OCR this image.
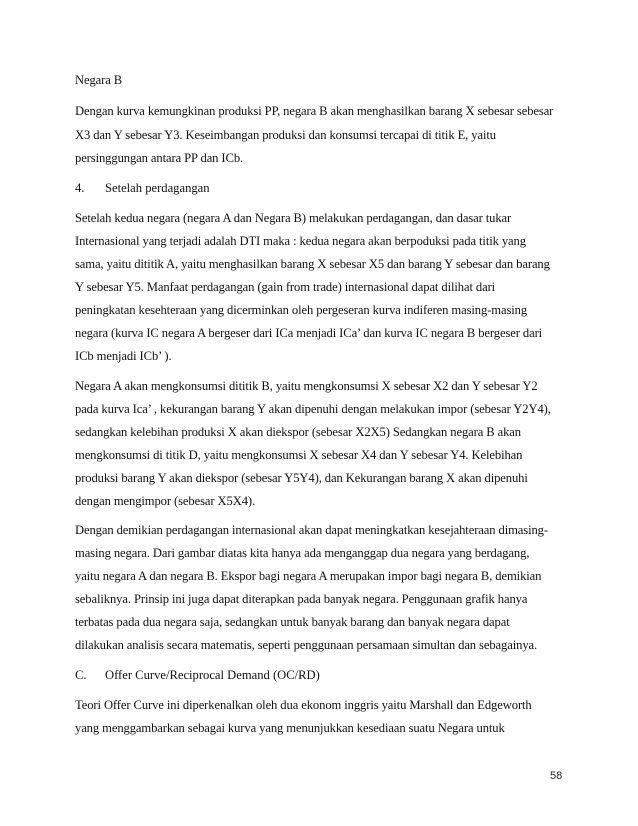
Negara B
Dengan kurva kemungkinan produksi PP, negara B akan menghasilkan barang X sebesar sebesar
X3 dan Y sebesar Y3. Keseimbangan produksi dan konsumsi tercapai di titik E, yaitu
persinggungan antara PP dan ICb.
4. Setelah perdagangan
Setelah kedua negara (negara A dan Negara B) melakukan perdagangan, dan dasar tukar
Internasional yang terjadi adalah DTI maka : kedua negara akan berpoduksi pada titik yang
sama, yaitu dititik A, yaitu menghasilkan barang X sebesar X5 dan barang Y sebesar dan barang
Y sebesar Y5. Manfaat perdagangan (gain from trade) internasional dapat dilihat dari
peningkatan kesehteraan yang dicerminkan oleh pergeseran kurva indiferen masing-masing
negara (kurva IC negara A bergeser dari ICa menjadi ICa’ dan kurva IC negara B bergeser dari
ICb menjadi ICb’ ).
Negara A akan mengkonsumsi dititik B, yaitu mengkonsumsi X sebesar X2 dan Y sebesar Y2
pada kurva Ica’ , kekurangan barang Y akan dipenuhi dengan melakukan impor (sebesar Y2Y4),
sedangkan kelebihan produksi X akan diekspor (sebesar X2X5) Sedangkan negara B akan
mengkonsumsi di titik D, yaitu mengkonsumsi X sebesar X4 dan Y sebesar Y4. Kelebihan
produksi barang Y akan diekspor (sebesar Y5Y4), dan Kekurangan barang X akan dipenuhi
dengan mengimpor (sebesar X5X4).
Dengan demikian perdagangan internasional akan dapat meningkatkan kesejahteraan dimasing-
masing negara. Dari gambar diatas kita hanya ada menganggap dua negara yang berdagang,
yaitu negara A dan negara B. Ekspor bagi negara A merupakan impor bagi negara B, demikian
sebaliknya. Prinsip ini juga dapat diterapkan pada banyak negara. Penggunaan grafik hanya
terbatas pada dua negara saja, sedangkan untuk banyak barang dan banyak negara dapat
dilakukan analisis secara matematis, seperti penggunaan persamaan simultan dan sebagainya.
C. Offer Curve/Reciprocal Demand (OC/RD)
Teori Offer Curve ini diperkenalkan oleh dua ekonom inggris yaitu Marshall dan Edgeworth
yang menggambarkan sebagai kurva yang menunjukkan kesediaan suatu Negara untuk
58
